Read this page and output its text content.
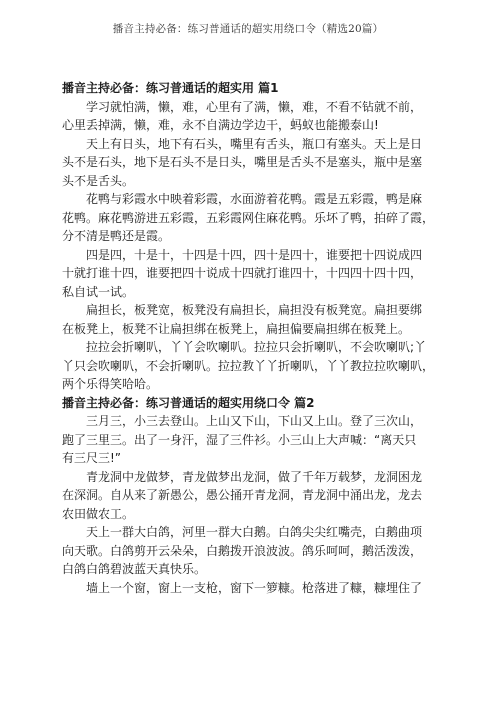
播音主持必备：练习普通话的超实用绕口令（精选20篇）
播音主持必备：练习普通话的超实用 篇1
学习就怕满，懒，难，心里有了满，懒，难，不看不钻就不前，
心里丢掉满，懒，难，永不自满边学边干，蚂蚁也能搬泰山!
天上有日头，地下有石头，嘴里有舌头，瓶口有塞头。天上是日
头不是石头，地下是石头不是日头，嘴里是舌头不是塞头，瓶中是塞
头不是舌头。
花鸭与彩霞水中映着彩霞，水面游着花鸭。霞是五彩霞，鸭是麻
花鸭。麻花鸭游进五彩霞，五彩霞网住麻花鸭。乐坏了鸭，拍碎了霞，
分不清是鸭还是霞。
四是四，十是十，十四是十四，四十是四十，谁要把十四说成四
十就打谁十四，谁要把四十说成十四就打谁四十，十四四十四十四，
私自试一试。
扁担长，板凳宽，板凳没有扁担长，扁担没有板凳宽。扁担要绑
在板凳上，板凳不让扁担绑在板凳上，扁担偏要扁担绑在板凳上。
拉拉会折喇叭，丫丫会吹喇叭。拉拉只会折喇叭，不会吹喇叭;丫
丫只会吹喇叭，不会折喇叭。拉拉教丫丫折喇叭，丫丫教拉拉吹喇叭，
两个乐得笑哈哈。
播音主持必备：练习普通话的超实用绕口令 篇2
三月三，小三去登山。上山又下山，下山又上山。登了三次山，
跑了三里三。出了一身汗，湿了三件衫。小三山上大声喊：“离天只
有三尺三!”
青龙洞中龙做梦，青龙做梦出龙洞，做了千年万载梦，龙洞困龙
在深洞。自从来了新愚公，愚公捅开青龙洞，青龙洞中涌出龙，龙去
农田做农工。
天上一群大白鸽，河里一群大白鹅。白鸽尖尖红嘴壳，白鹅曲项
向天歌。白鸽剪开云朵朵，白鹅拨开浪波波。鸽乐呵呵，鹅活泼泼，
白鸽白鸽碧波蓝天真快乐。
墙上一个窗，窗上一支枪，窗下一箩糠。枪落进了糠，糠埋住了
